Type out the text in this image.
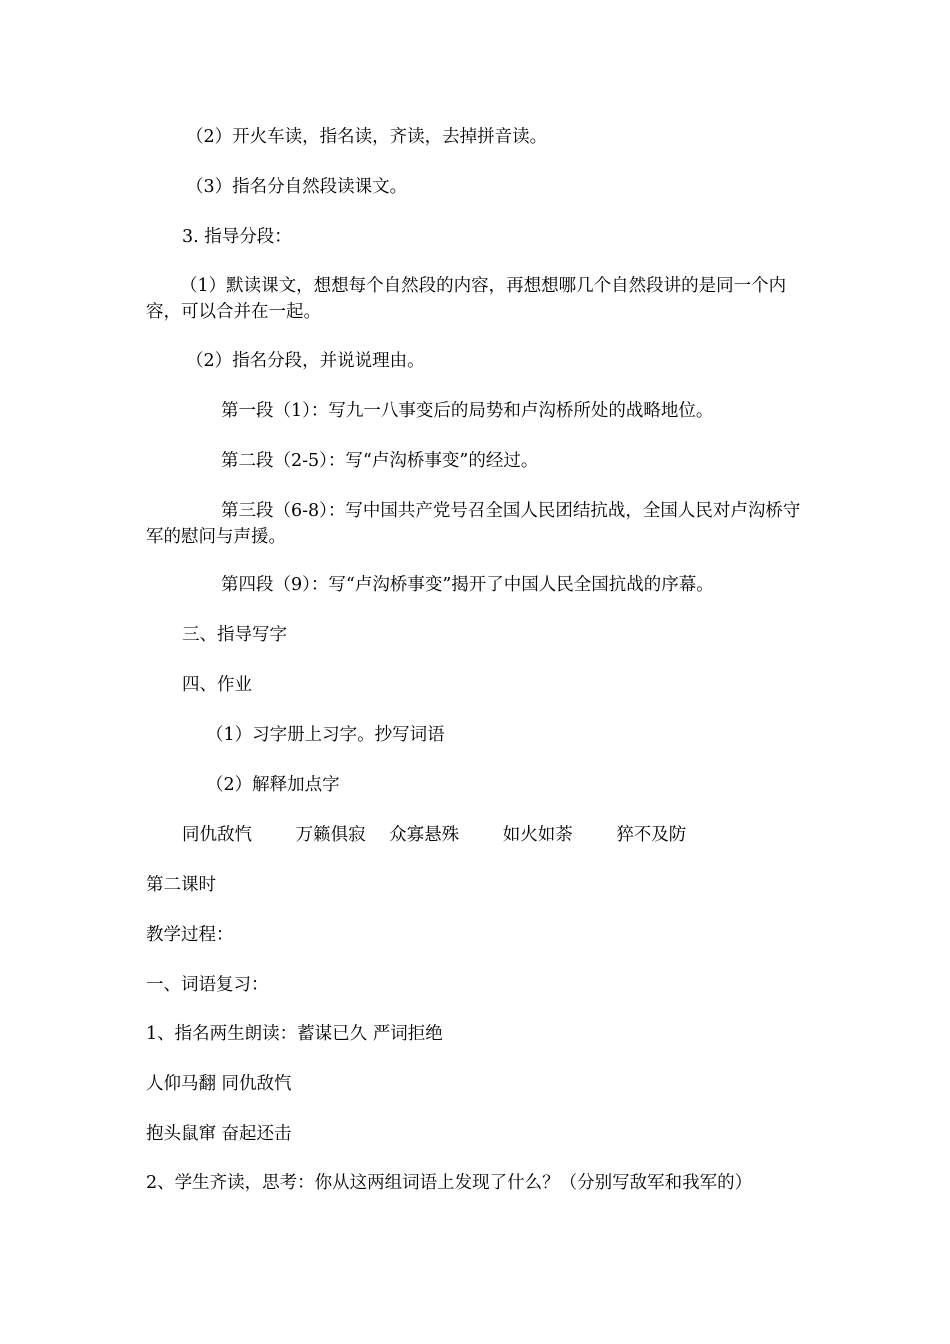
（2）开火车读，指名读，齐读，去掉拼音读。
（3）指名分自然段读课文。
3. 指导分段：
（1）默读课文，想想每个自然段的内容，再想想哪几个自然段讲的是同一个内容，可以合并在一起。
（2）指名分段，并说说理由。
第一段（1）：写九一八事变后的局势和卢沟桥所处的战略地位。
第二段（2-5）：写“卢沟桥事变”的经过。
第三段（6-8）：写中国共产党号召全国人民团结抗战，全国人民对卢沟桥守军的慰问与声援。
第四段（9）：写“卢沟桥事变”揭开了中国人民全国抗战的序幕。
三、指导写字
四、作业
（1）习字册上习字。抄写词语
（2）解释加点字
同仇敌忾 万籁俱寂 众寡悬殊 如火如荼 猝不及防
第二课时
教学过程：
一、词语复习：
1、指名两生朗读：蓄谋已久 严词拒绝
人仰马翻 同仇敌忾
抱头鼠窜 奋起还击
2、学生齐读，思考：你从这两组词语上发现了什么？（分别写敌军和我军的）
